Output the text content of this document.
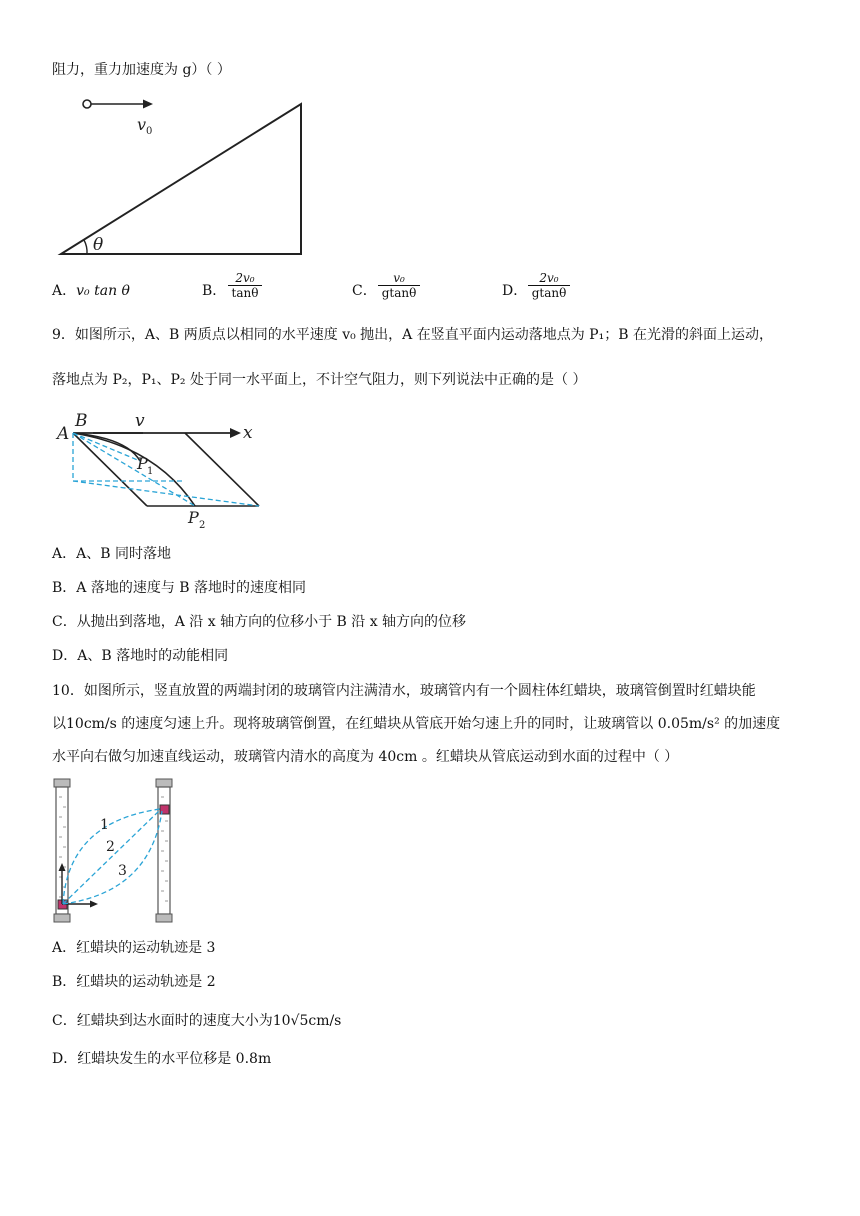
阻力，重力加速度为 g）（ ）
v 0
θ
A．v₀ tan θ	B． $\frac{\text{2v₀}}{\tan\theta}$	C． $\frac{\text{v₀}}{gtan\theta}$	D． $\frac{\text{2v₀}}{gtan\theta}$
9．如图所示，A、B 两质点以相同的水平速度 v₀ 抛出，A 在竖直平面内运动落地点为 P₁；B 在光滑的斜面上运动，
落地点为 P₂，P₁、P₂ 处于同一水平面上，不计空气阻力，则下列说法中正确的是（ ）
A
B	v
x
P 1
P 2
A．A、B 同时落地
B．A 落地的速度与 B 落地时的速度相同
C．从抛出到落地，A 沿 x 轴方向的位移小于 B 沿 x 轴方向的位移
D．A、B 落地时的动能相同
10．如图所示，竖直放置的两端封闭的玻璃管内注满清水，玻璃管内有一个圆柱体红蜡块，玻璃管倒置时红蜡块能
以10cm/s 的速度匀速上升。现将玻璃管倒置，在红蜡块从管底开始匀速上升的同时，让玻璃管以 0.05m/s² 的加速度
水平向右做匀加速直线运动，玻璃管内清水的高度为 40cm 。红蜡块从管底运动到水面的过程中（ ）
1
2
3
A．红蜡块的运动轨迹是 3
B．红蜡块的运动轨迹是 2
C．红蜡块到达水面时的速度大小为10√5cm/s
D．红蜡块发生的水平位移是 0.8m
